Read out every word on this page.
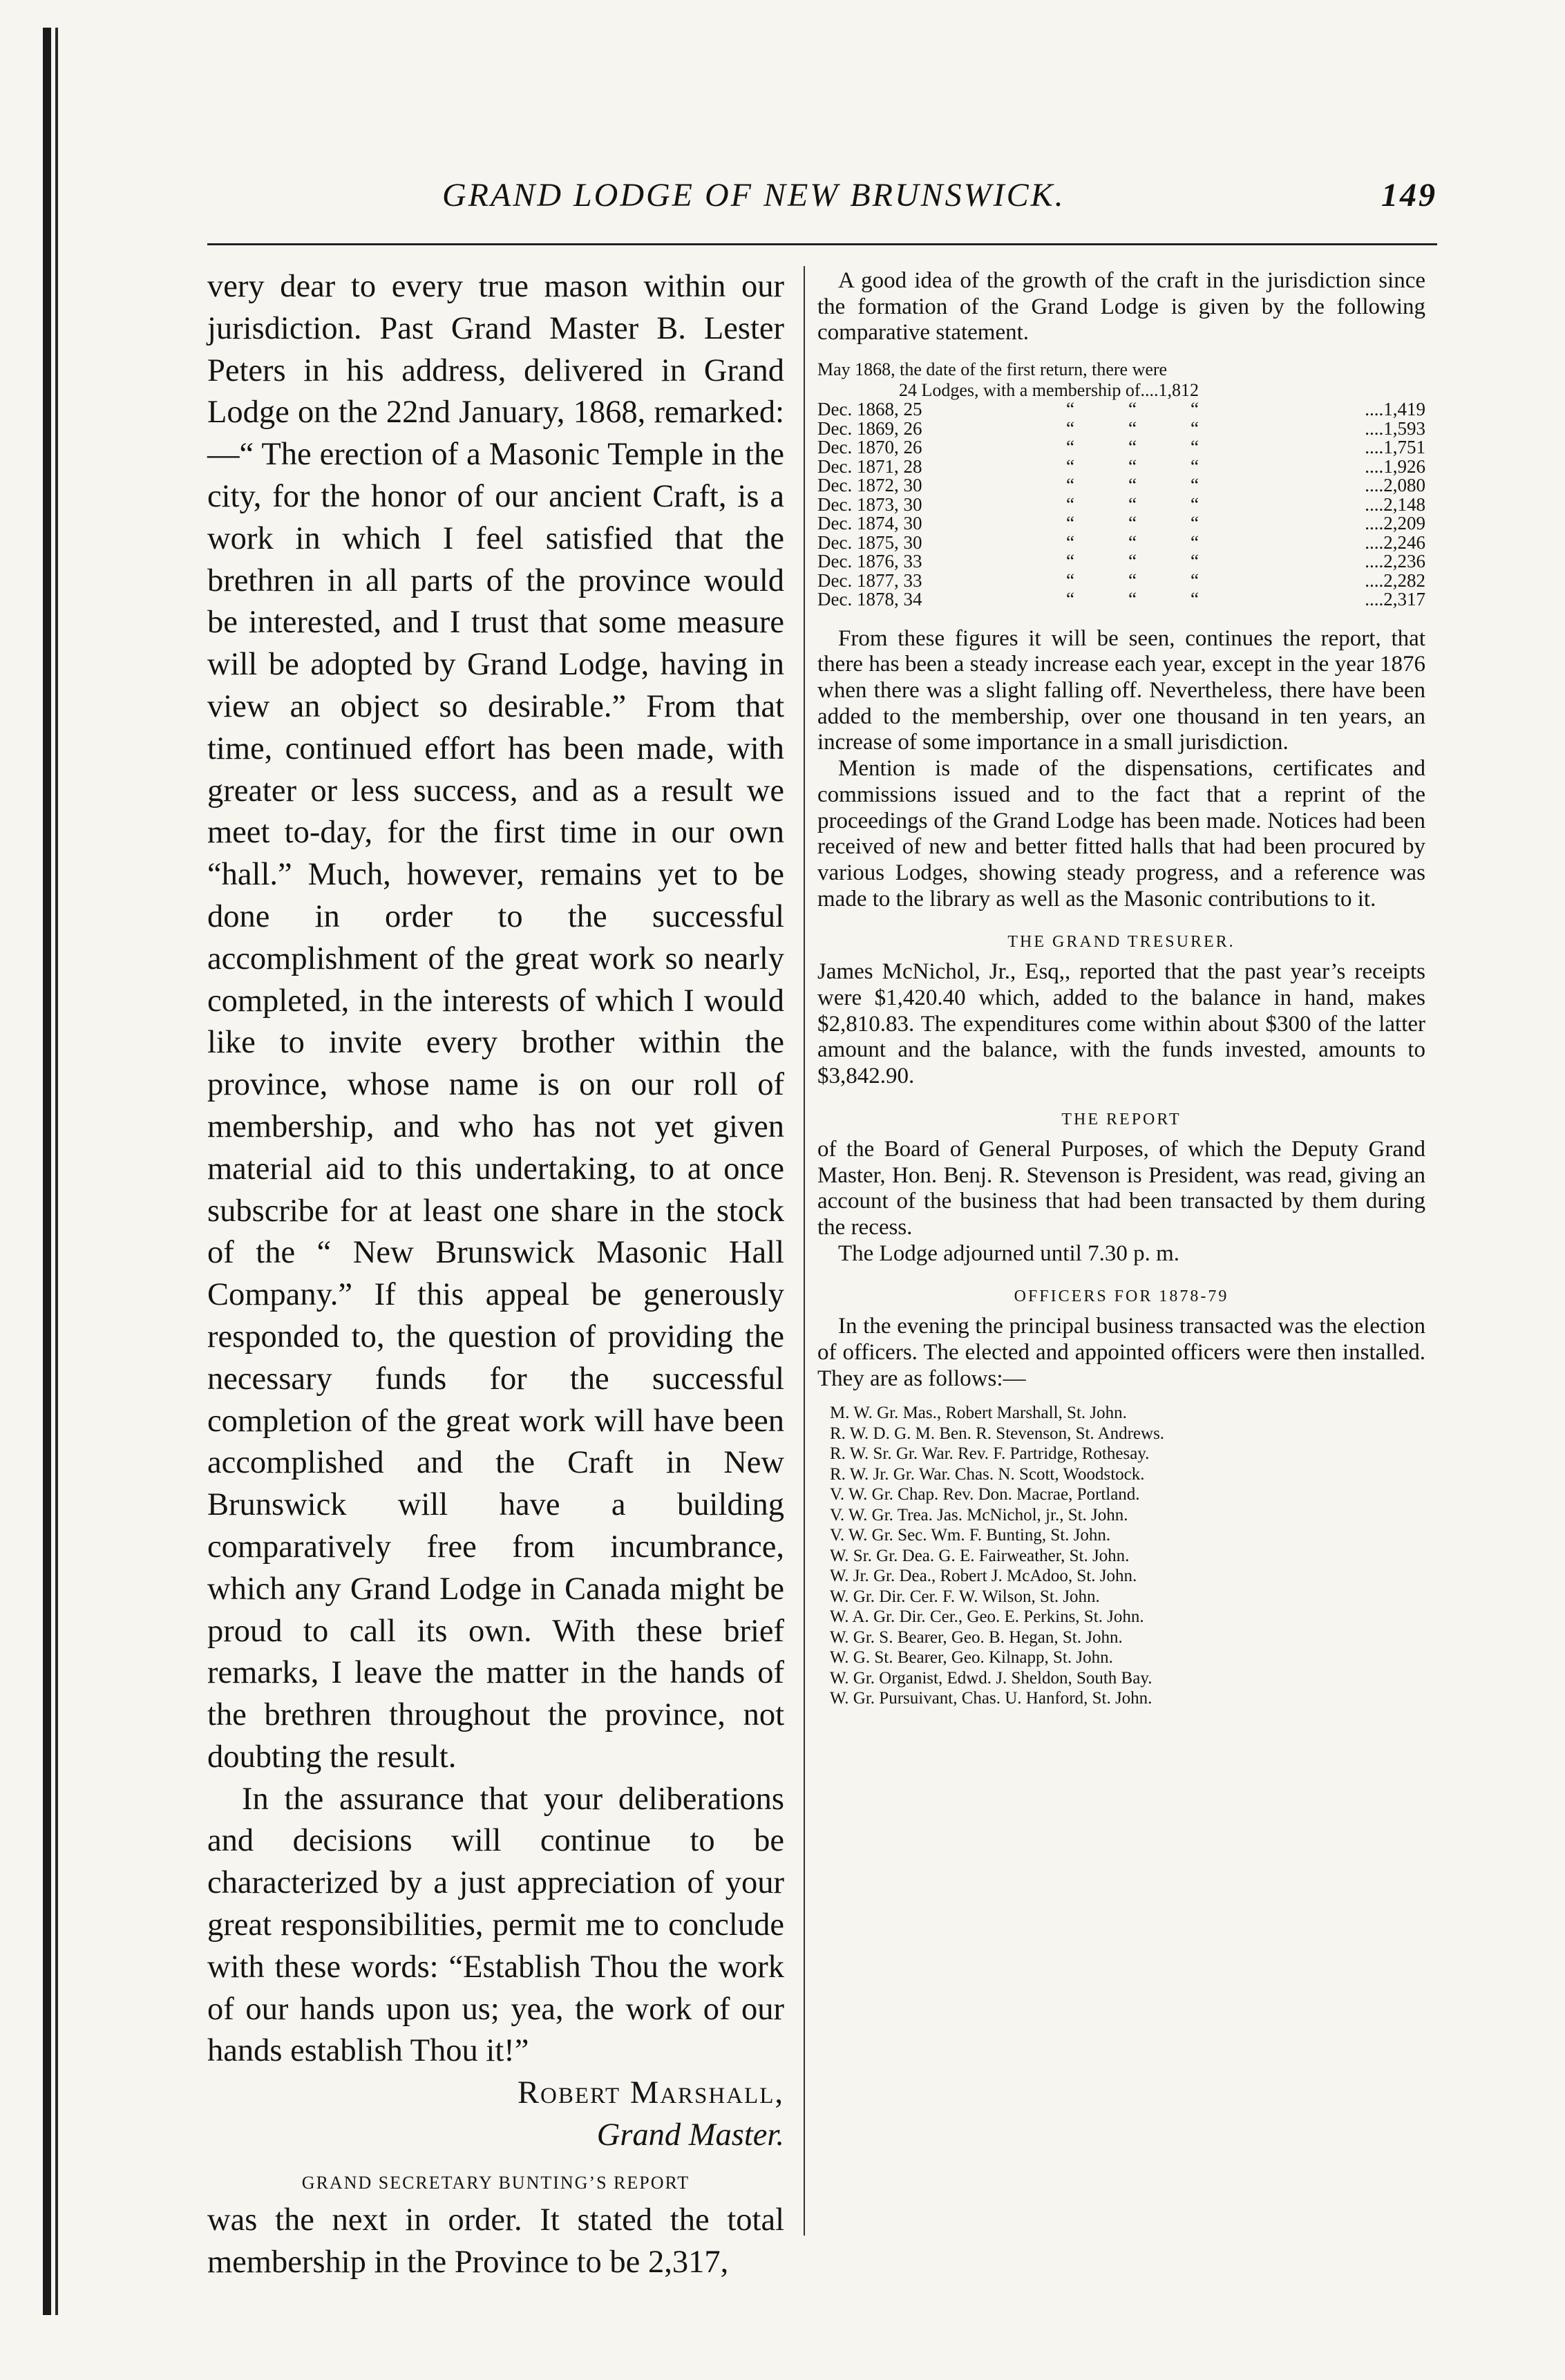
GRAND LODGE OF NEW BRUNSWICK.	149

very dear to every true mason within our jurisdiction. Past Grand Master B. Lester Peters in his address, delivered in Grand Lodge on the 22nd January, 1868, remarked:—“ The erection of a Masonic Temple in the city, for the honor of our ancient Craft, is a work in which I feel satisfied that the brethren in all parts of the province would be interested, and I trust that some measure will be adopted by Grand Lodge, having in view an object so desirable.” From that time, continued effort has been made, with greater or less success, and as a result we meet to-day, for the first time in our own “hall.” Much, however, remains yet to be done in order to the successful accomplishment of the great work so nearly completed, in the interests of which I would like to invite every brother within the province, whose name is on our roll of membership, and who has not yet given material aid to this undertaking, to at once subscribe for at least one share in the stock of the “ New Brunswick Masonic Hall Company.” If this appeal be generously responded to, the question of providing the necessary funds for the successful completion of the great work will have been accomplished and the Craft in New Brunswick will have a building comparatively free from incumbrance, which any Grand Lodge in Canada might be proud to call its own. With these brief remarks, I leave the matter in the hands of the brethren throughout the province, not doubting the result.

In the assurance that your deliberations and decisions will continue to be characterized by a just appreciation of your great responsibilities, permit me to conclude with these words: “Establish Thou the work of our hands upon us; yea, the work of our hands establish Thou it!”

Robert Marshall,

Grand Master.

GRAND SECRETARY BUNTING’S REPORT

was the next in order. It stated the total membership in the Province to be 2,317,

A good idea of the growth of the craft in the jurisdiction since the formation of the Grand Lodge is given by the following comparative statement.

May 1868, the date of the first return, there were
24 Lodges, with a membership of....1,812
Dec. 1868, 25	“	“	“	....1,419
Dec. 1869, 26	“	“	“	....1,593
Dec. 1870, 26	“	“	“	....1,751
Dec. 1871, 28	“	“	“	....1,926
Dec. 1872, 30	“	“	“	....2,080
Dec. 1873, 30	“	“	“	....2,148
Dec. 1874, 30	“	“	“	....2,209
Dec. 1875, 30	“	“	“	....2,246
Dec. 1876, 33	“	“	“	....2,236
Dec. 1877, 33	“	“	“	....2,282
Dec. 1878, 34	“	“	“	....2,317

From these figures it will be seen, continues the report, that there has been a steady increase each year, except in the year 1876 when there was a slight falling off. Nevertheless, there have been added to the membership, over one thousand in ten years, an increase of some importance in a small jurisdiction.

Mention is made of the dispensations, certificates and commissions issued and to the fact that a reprint of the proceedings of the Grand Lodge has been made. Notices had been received of new and better fitted halls that had been procured by various Lodges, showing steady progress, and a reference was made to the library as well as the Masonic contributions to it.

THE GRAND TRESURER.

James McNichol, Jr., Esq,, reported that the past year’s receipts were $1,420.40 which, added to the balance in hand, makes $2,810.83. The expenditures come within about $300 of the latter amount and the balance, with the funds invested, amounts to $3,842.90.

THE REPORT

of the Board of General Purposes, of which the Deputy Grand Master, Hon. Benj. R. Stevenson is President, was read, giving an account of the business that had been transacted by them during the recess.

The Lodge adjourned until 7.30 p. m.

OFFICERS FOR 1878-79

In the evening the principal business transacted was the election of officers. The elected and appointed officers were then installed. They are as follows:—

M. W. Gr. Mas., Robert Marshall, St. John.
R. W. D. G. M. Ben. R. Stevenson, St. Andrews.
R. W. Sr. Gr. War. Rev. F. Partridge, Rothesay.
R. W. Jr. Gr. War. Chas. N. Scott, Woodstock.
V. W. Gr. Chap. Rev. Don. Macrae, Portland.
V. W. Gr. Trea. Jas. McNichol, jr., St. John.
V. W. Gr. Sec. Wm. F. Bunting, St. John.
W. Sr. Gr. Dea. G. E. Fairweather, St. John.
W. Jr. Gr. Dea., Robert J. McAdoo, St. John.
W. Gr. Dir. Cer. F. W. Wilson, St. John.
W. A. Gr. Dir. Cer., Geo. E. Perkins, St. John.
W. Gr. S. Bearer, Geo. B. Hegan, St. John.
W. G. St. Bearer, Geo. Kilnapp, St. John.
W. Gr. Organist, Edwd. J. Sheldon, South Bay.
W. Gr. Pursuivant, Chas. U. Hanford, St. John.
